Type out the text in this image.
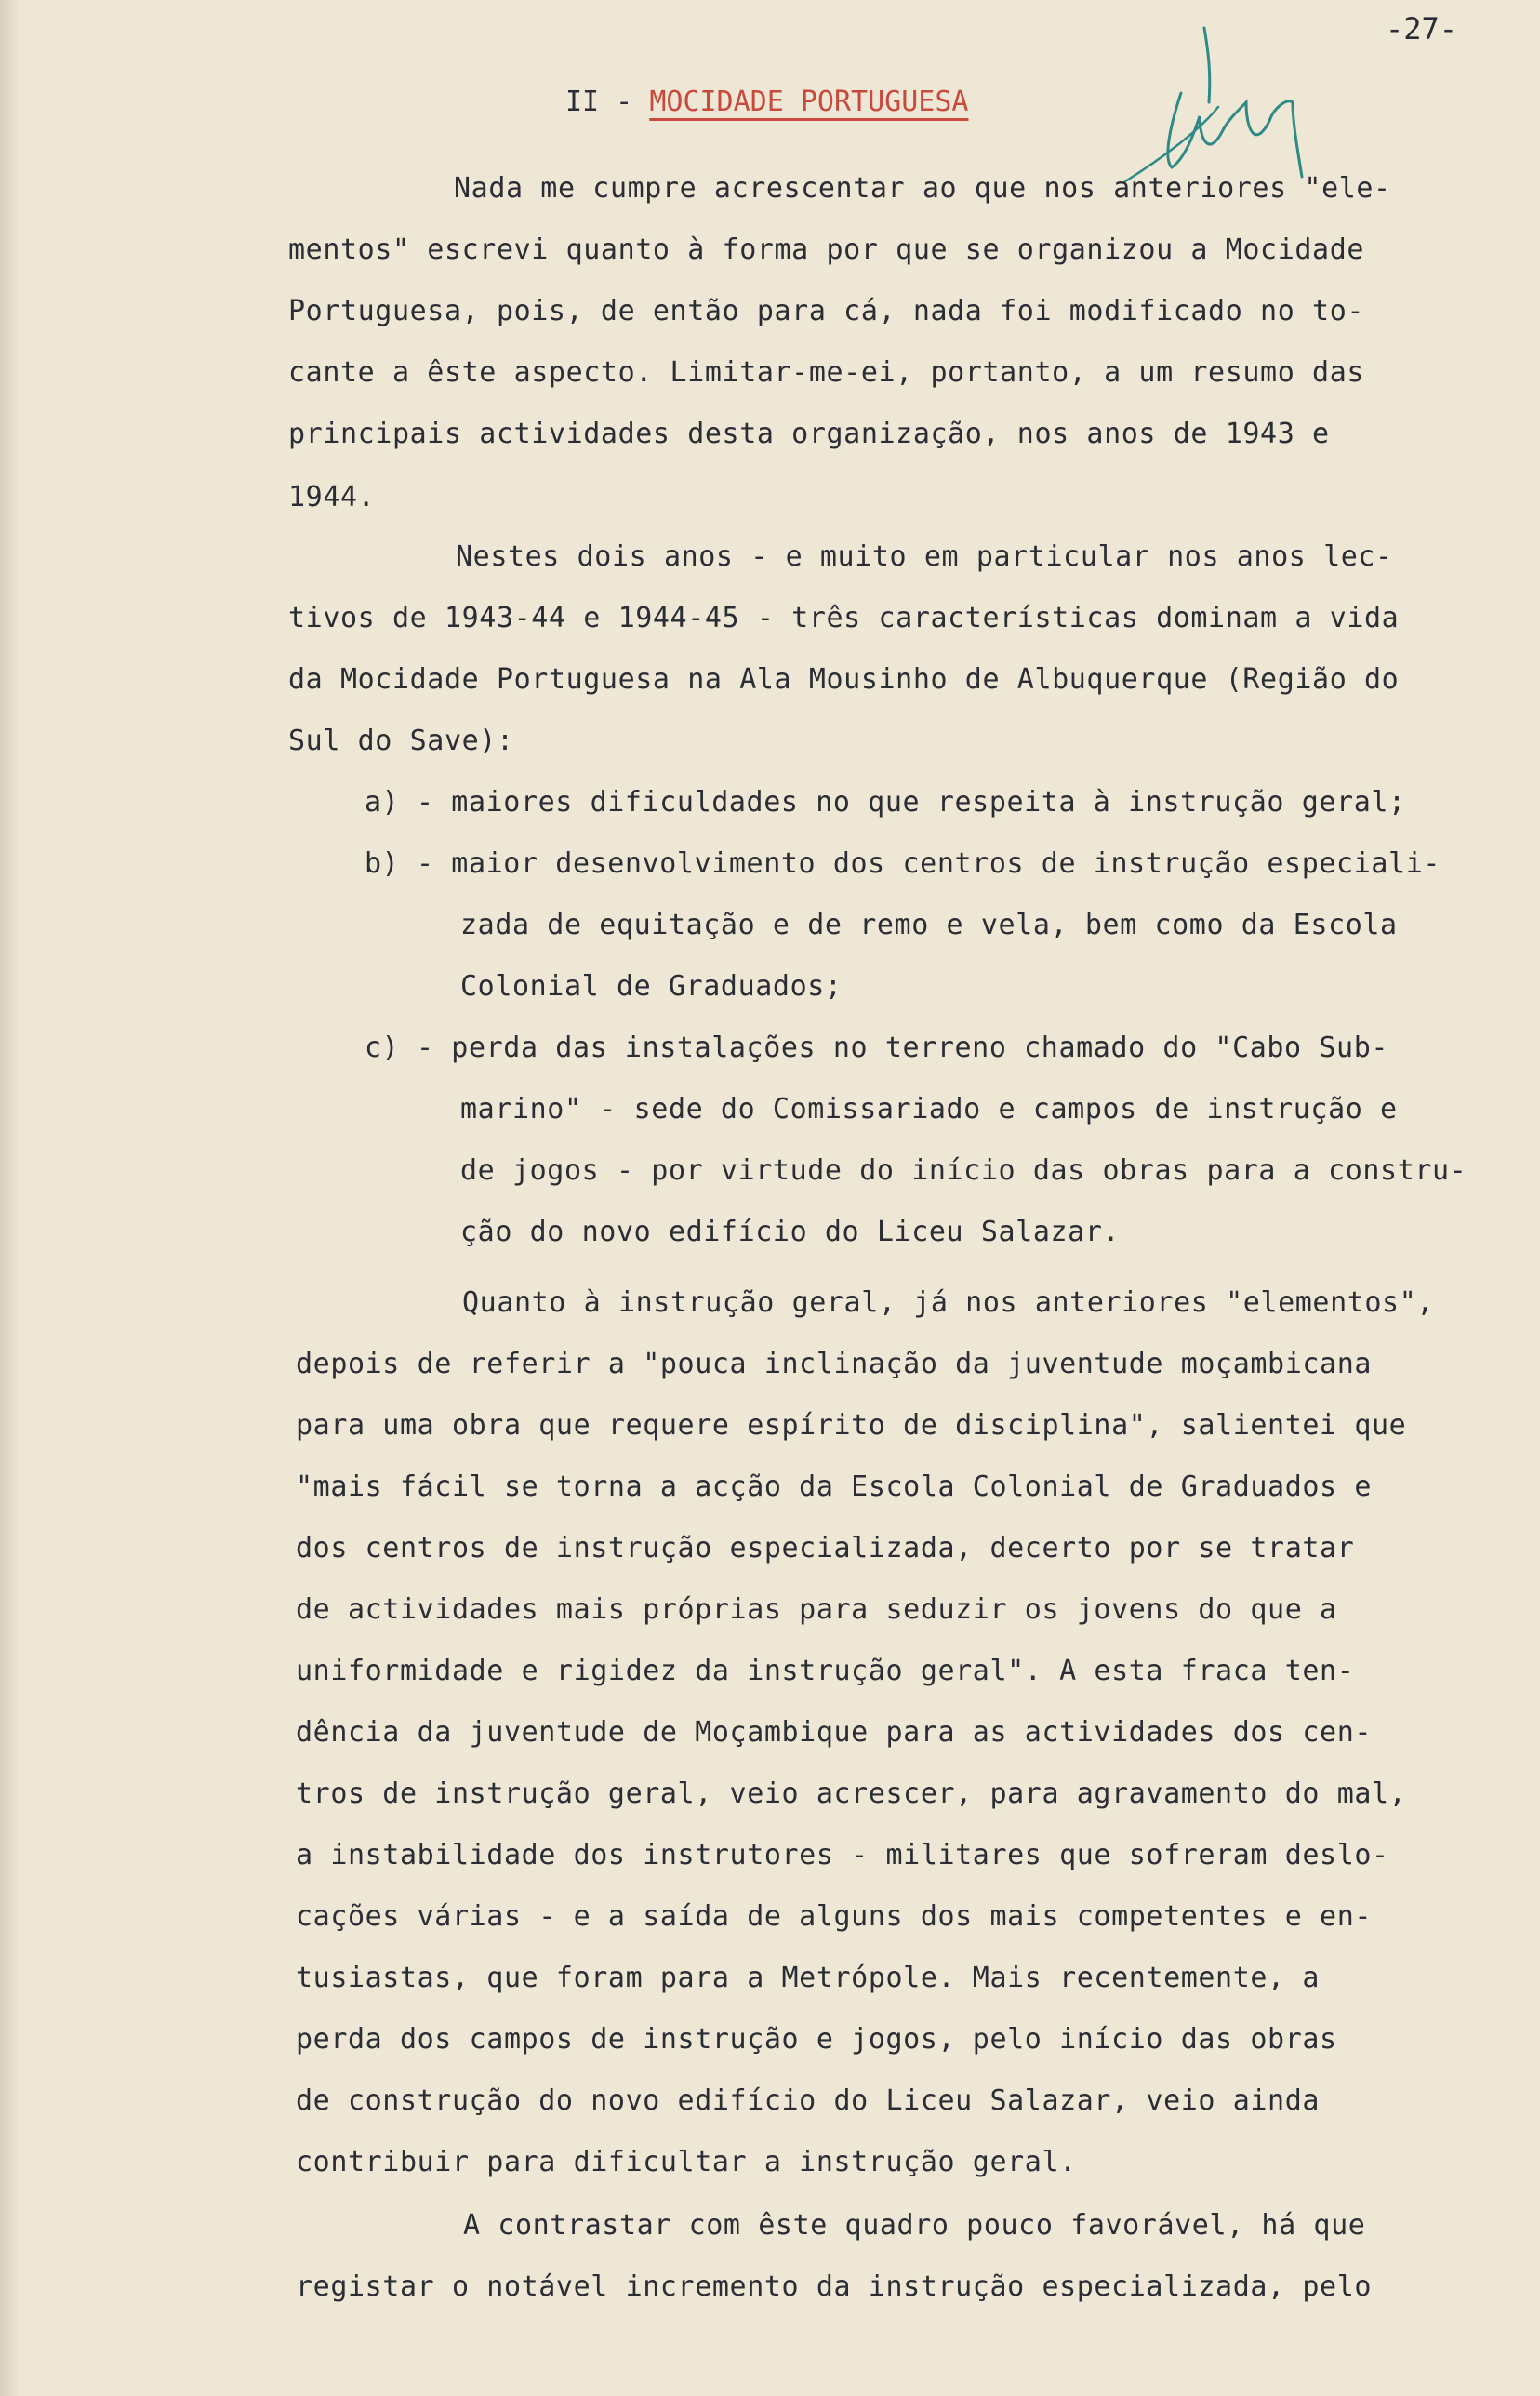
-27-
II - MOCIDADE PORTUGUESA
Nada me cumpre acrescentar ao que nos anteriores "ele-
mentos" escrevi quanto à forma por que se organizou a Mocidade
Portuguesa, pois, de então para cá, nada foi modificado no to-
cante a êste aspecto. Limitar-me-ei, portanto, a um resumo das
principais actividades desta organização, nos anos de 1943 e
1944.
Nestes dois anos - e muito em particular nos anos lec-
tivos de 1943-44 e 1944-45 - três características dominam a vida
da Mocidade Portuguesa na Ala Mousinho de Albuquerque (Região do
Sul do Save):
a) - maiores dificuldades no que respeita à instrução geral;
b) - maior desenvolvimento dos centros de instrução especiali-
zada de equitação e de remo e vela, bem como da Escola
Colonial de Graduados;
c) - perda das instalações no terreno chamado do "Cabo Sub-
marino" - sede do Comissariado e campos de instrução e
de jogos - por virtude do início das obras para a constru-
ção do novo edifício do Liceu Salazar.
Quanto à instrução geral, já nos anteriores "elementos",
depois de referir a "pouca inclinação da juventude moçambicana
para uma obra que requere espírito de disciplina", salientei que
"mais fácil se torna a acção da Escola Colonial de Graduados e
dos centros de instrução especializada, decerto por se tratar
de actividades mais próprias para seduzir os jovens do que a
uniformidade e rigidez da instrução geral". A esta fraca ten-
dência da juventude de Moçambique para as actividades dos cen-
tros de instrução geral, veio acrescer, para agravamento do mal,
a instabilidade dos instrutores - militares que sofreram deslo-
cações várias - e a saída de alguns dos mais competentes e en-
tusiastas, que foram para a Metrópole. Mais recentemente, a
perda dos campos de instrução e jogos, pelo início das obras
de construção do novo edifício do Liceu Salazar, veio ainda
contribuir para dificultar a instrução geral.
A contrastar com êste quadro pouco favorável, há que
registar o notável incremento da instrução especializada, pelo
